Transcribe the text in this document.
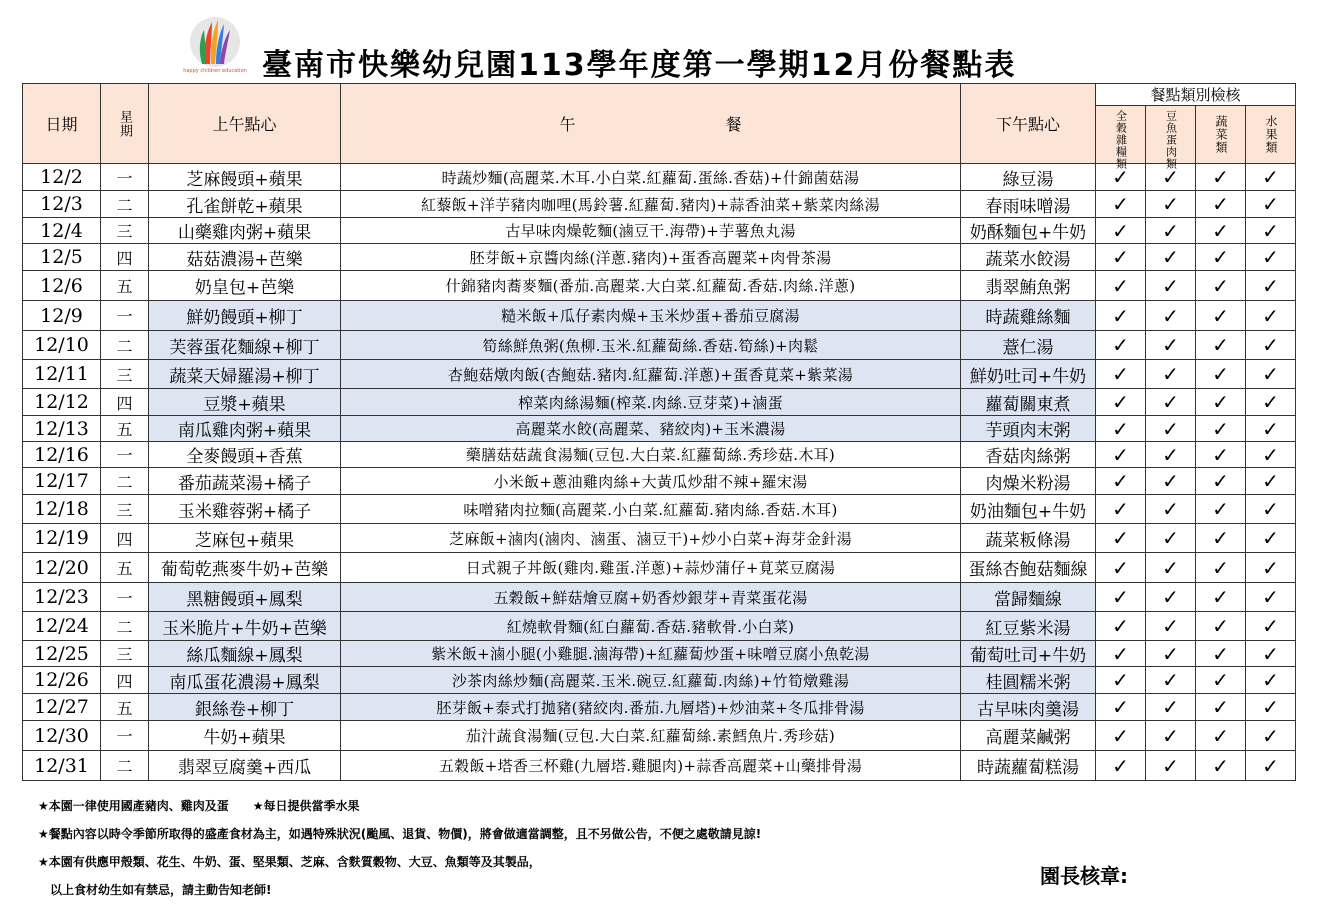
happy children education 臺南市快樂幼兒園113學年度第一學期12月份餐點表
日期	星期	上午點心	午 餐	下午點心	餐點類別檢核			

					全穀雜糧類	豆魚蛋肉類	蔬菜類	水果類

12/2	一	芝麻饅頭+蘋果	時蔬炒麵(高麗菜.木耳.小白菜.紅蘿蔔.蛋絲.香菇)+什錦菌菇湯	綠豆湯	✓	✓	✓	✓
12/3	二	孔雀餅乾+蘋果	紅藜飯+洋芋豬肉咖哩(馬鈴薯.紅蘿蔔.豬肉)+蒜香油菜+紫菜肉絲湯	春雨味噌湯	✓	✓	✓	✓
12/4	三	山藥雞肉粥+蘋果	古早味肉燥乾麵(滷豆干.海帶)+芋薯魚丸湯	奶酥麵包+牛奶	✓	✓	✓	✓
12/5	四	菇菇濃湯+芭樂	胚芽飯+京醬肉絲(洋蔥.豬肉)+蛋香高麗菜+肉骨茶湯	蔬菜水餃湯	✓	✓	✓	✓
12/6	五	奶皇包+芭樂	什錦豬肉蕎麥麵(番茄.高麗菜.大白菜.紅蘿蔔.香菇.肉絲.洋蔥)	翡翠鮪魚粥	✓	✓	✓	✓
12/9	一	鮮奶饅頭+柳丁	糙米飯+瓜仔素肉燥+玉米炒蛋+番茄豆腐湯	時蔬雞絲麵	✓	✓	✓	✓
12/10	二	芙蓉蛋花麵線+柳丁	筍絲鮮魚粥(魚柳.玉米.紅蘿蔔絲.香菇.筍絲)+肉鬆	薏仁湯	✓	✓	✓	✓
12/11	三	蔬菜天婦羅湯+柳丁	杏鮑菇燉肉飯(杏鮑菇.豬肉.紅蘿蔔.洋蔥)+蛋香莧菜+紫菜湯	鮮奶吐司+牛奶	✓	✓	✓	✓
12/12	四	豆漿+蘋果	榨菜肉絲湯麵(榨菜.肉絲.豆芽菜)+滷蛋	蘿蔔關東煮	✓	✓	✓	✓
12/13	五	南瓜雞肉粥+蘋果	高麗菜水餃(高麗菜、豬絞肉)+玉米濃湯	芋頭肉末粥	✓	✓	✓	✓
12/16	一	全麥饅頭+香蕉	藥膳菇菇蔬食湯麵(豆包.大白菜.紅蘿蔔絲.秀珍菇.木耳)	香菇肉絲粥	✓	✓	✓	✓
12/17	二	番茄蔬菜湯+橘子	小米飯+蔥油雞肉絲+大黃瓜炒甜不辣+羅宋湯	肉燥米粉湯	✓	✓	✓	✓
12/18	三	玉米雞蓉粥+橘子	味噌豬肉拉麵(高麗菜.小白菜.紅蘿蔔.豬肉絲.香菇.木耳)	奶油麵包+牛奶	✓	✓	✓	✓
12/19	四	芝麻包+蘋果	芝麻飯+滷肉(滷肉、滷蛋、滷豆干)+炒小白菜+海芽金針湯	蔬菜粄條湯	✓	✓	✓	✓
12/20	五	葡萄乾燕麥牛奶+芭樂	日式親子丼飯(雞肉.雞蛋.洋蔥)+蒜炒蒲仔+莧菜豆腐湯	蛋絲杏鮑菇麵線	✓	✓	✓	✓
12/23	一	黑糖饅頭+鳳梨	五穀飯+鮮菇燴豆腐+奶香炒銀芽+青菜蛋花湯	當歸麵線	✓	✓	✓	✓
12/24	二	玉米脆片+牛奶+芭樂	紅燒軟骨麵(紅白蘿蔔.香菇.豬軟骨.小白菜)	紅豆紫米湯	✓	✓	✓	✓
12/25	三	絲瓜麵線+鳳梨	紫米飯+滷小腿(小雞腿.滷海帶)+紅蘿蔔炒蛋+味噌豆腐小魚乾湯	葡萄吐司+牛奶	✓	✓	✓	✓
12/26	四	南瓜蛋花濃湯+鳳梨	沙茶肉絲炒麵(高麗菜.玉米.碗豆.紅蘿蔔.肉絲)+竹筍燉雞湯	桂圓糯米粥	✓	✓	✓	✓
12/27	五	銀絲卷+柳丁	胚芽飯+泰式打拋豬(豬絞肉.番茄.九層塔)+炒油菜+冬瓜排骨湯	古早味肉羹湯	✓	✓	✓	✓
12/30	一	牛奶+蘋果	茄汁蔬食湯麵(豆包.大白菜.紅蘿蔔絲.素鱈魚片.秀珍菇)	高麗菜鹹粥	✓	✓	✓	✓
12/31	二	翡翠豆腐羹+西瓜	五穀飯+塔香三杯雞(九層塔.雞腿肉)+蒜香高麗菜+山藥排骨湯	時蔬蘿蔔糕湯	✓	✓	✓	✓
★本園一律使用國產豬肉、雞肉及蛋　　★每日提供當季水果
★餐點內容以時令季節所取得的盛產食材為主，如遇特殊狀況(颱風、退貨、物價)，將會做適當調整，且不另做公告，不便之處敬請見諒!
★本園有供應甲殼類、花生、牛奶、蛋、堅果類、芝麻、含麩質穀物、大豆、魚類等及其製品，
　以上食材幼生如有禁忌，請主動告知老師!
園長核章:
